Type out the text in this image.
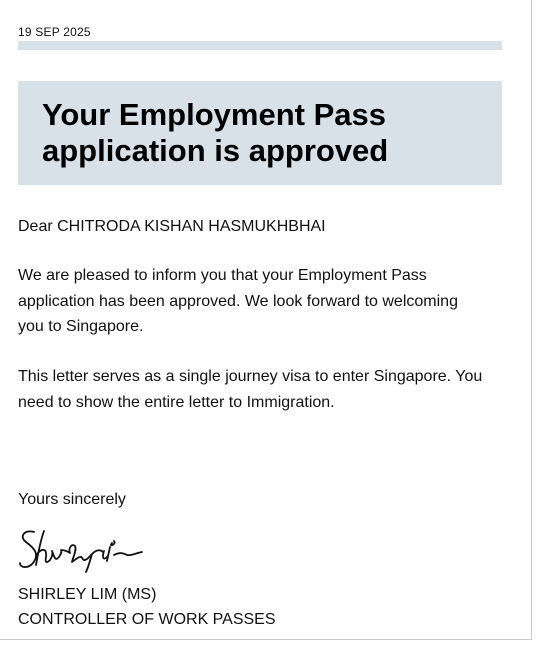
19 SEP 2025
Your Employment Pass
application is approved

Dear CHITRODA KISHAN HASMUKHBHAI

We are pleased to inform you that your Employment Pass application has been approved. We look forward to welcoming you to Singapore.

This letter serves as a single journey visa to enter Singapore. You need to show the entire letter to Immigration.

Yours sincerely

SHIRLEY LIM (MS)

CONTROLLER OF WORK PASSES
